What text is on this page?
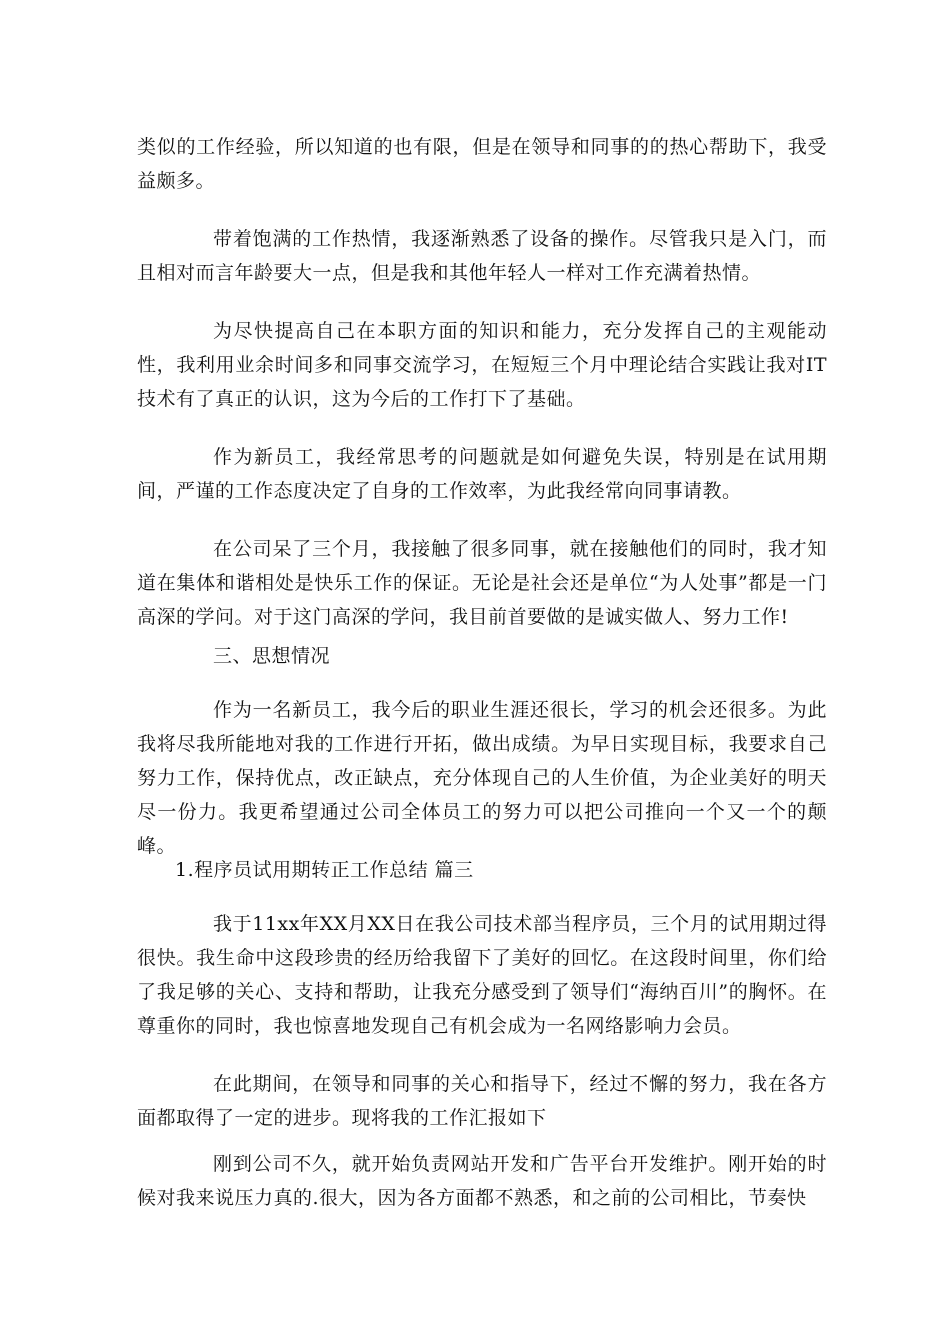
类似的工作经验，所以知道的也有限，但是在领导和同事的的热心帮助下，我受益颇多。

带着饱满的工作热情，我逐渐熟悉了设备的操作。尽管我只是入门，而且相对而言年龄要大一点，但是我和其他年轻人一样对工作充满着热情。

为尽快提高自己在本职方面的知识和能力，充分发挥自己的主观能动性，我利用业余时间多和同事交流学习，在短短三个月中理论结合实践让我对IT技术有了真正的认识，这为今后的工作打下了基础。

作为新员工，我经常思考的问题就是如何避免失误，特别是在试用期间，严谨的工作态度决定了自身的工作效率，为此我经常向同事请教。

在公司呆了三个月，我接触了很多同事，就在接触他们的同时，我才知道在集体和谐相处是快乐工作的保证。无论是社会还是单位“为人处事”都是一门高深的学问。对于这门高深的学问，我目前首要做的是诚实做人、努力工作!

三、思想情况

作为一名新员工，我今后的职业生涯还很长，学习的机会还很多。为此我将尽我所能地对我的工作进行开拓，做出成绩。为早日实现目标，我要求自己努力工作，保持优点，改正缺点，充分体现自己的人生价值，为企业美好的明天尽一份力。我更希望通过公司全体员工的努力可以把公司推向一个又一个的颠峰。

1.程序员试用期转正工作总结 篇三

我于11xx年XX月XX日在我公司技术部当程序员，三个月的试用期过得很快。我生命中这段珍贵的经历给我留下了美好的回忆。在这段时间里，你们给了我足够的关心、支持和帮助，让我充分感受到了领导们“海纳百川”的胸怀。在尊重你的同时，我也惊喜地发现自己有机会成为一名网络影响力会员。

在此期间，在领导和同事的关心和指导下，经过不懈的努力，我在各方面都取得了一定的进步。现将我的工作汇报如下

刚到公司不久，就开始负责网站开发和广告平台开发维护。刚开始的时候对我来说压力真的.很大，因为各方面都不熟悉，和之前的公司相比，节奏快
